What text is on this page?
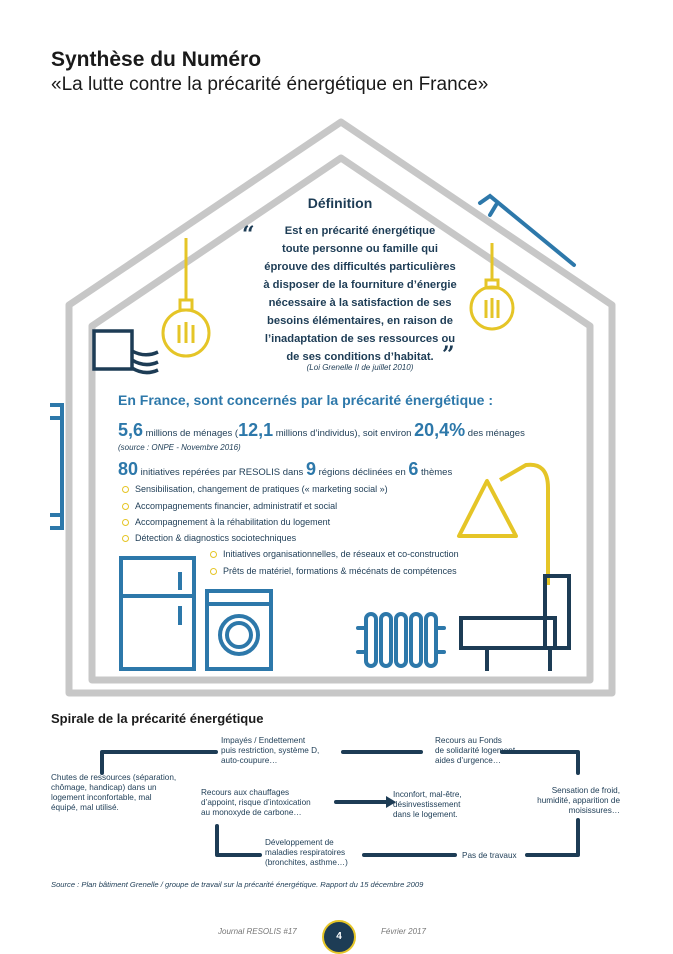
Synthèse du Numéro
«La lutte contre la précarité énergétique en France»
Définition
“	Est en précarité énergétique
toute personne ou famille qui
éprouve des difficultés particulières
à disposer de la fourniture d’énergie
nécessaire à la satisfaction de ses
besoins élémentaires, en raison de
l’inadaptation de ses ressources ou
de ses conditions d’habitat. ”
(Loi Grenelle II de juillet 2010)
En France, sont concernés par la précarité énergétique :
5,6 millions de ménages (12,1 millions d’individus), soit environ 20,4% des ménages
(source : ONPE - Novembre 2016)
80 initiatives repérées par RESOLIS dans 9 régions déclinées en 6 thèmes
Sensibilisation, changement de pratiques (« marketing social »)
Accompagnements financier, administratif et social
Accompagnement à la réhabilitation du logement
Détection & diagnostics sociotechniques
Initiatives organisationnelles, de réseaux et co-construction
Prêts de matériel, formations & mécénats de compétences
Spirale de la précarité énergétique
Chutes de ressources (séparation,
chômage, handicap) dans un
logement inconfortable, mal
équipé, mal utilisé.
Impayés / Endettement
puis restriction, système D,
auto-coupure…
Recours au Fonds
de solidarité logement,
aides d’urgence…
Sensation de froid,
humidité, apparition de
moisissures…
Recours aux chauffages
d’appoint, risque d’intoxication
au monoxyde de carbone…
Inconfort, mal-être,
désinvestissement
dans le logement.
Développement de
maladies respiratoires
(bronchites, asthme…)
Pas de travaux
Source : Plan bâtiment Grenelle / groupe de travail sur la précarité énergétique. Rapport du 15 décembre 2009
Journal RESOLIS #17	4	Février 2017
